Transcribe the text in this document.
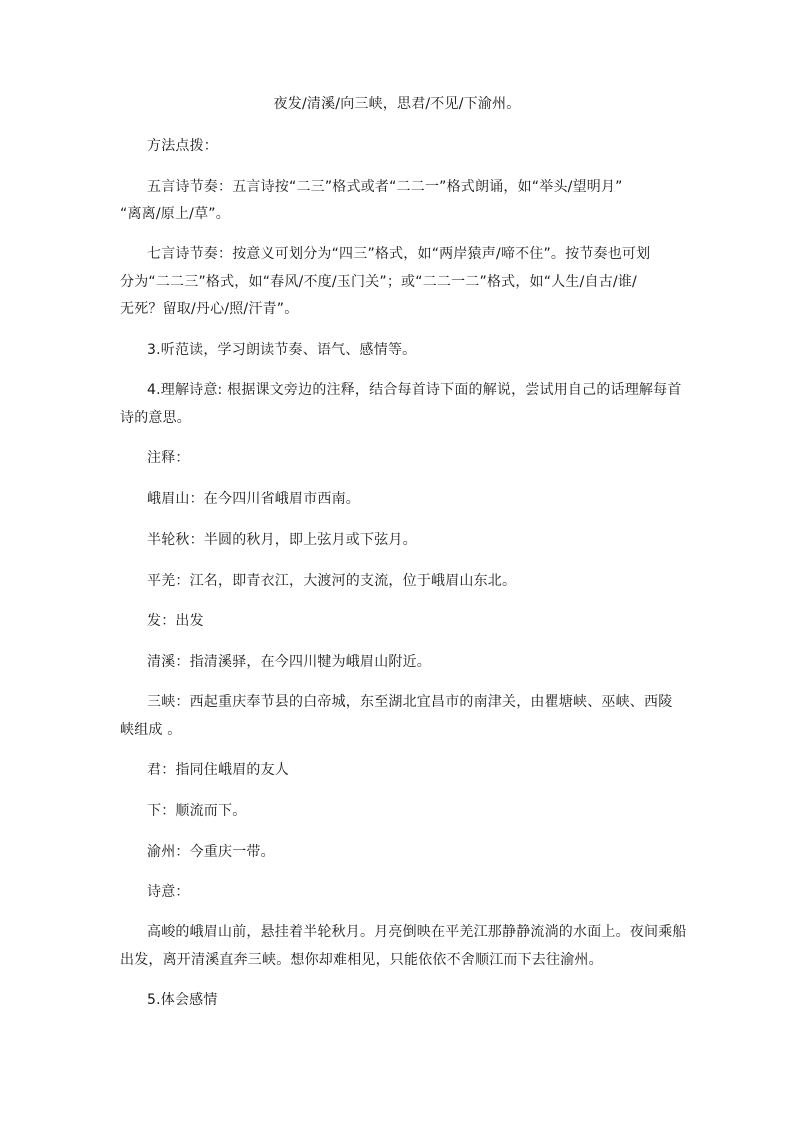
夜发/清溪/向三峡，思君/不见/下渝州。
方法点拨：
五言诗节奏：五言诗按“二三”格式或者“二二一”格式朗诵，如“举头/望明月”
“离离/原上/草”。
七言诗节奏：按意义可划分为“四三”格式，如“两岸猿声/啼不住”。按节奏也可划
分为“二二三”格式，如“春风/不度/玉门关”；或“二二一二”格式，如“人生/自古/谁/
无死？留取/丹心/照/汗青”。
3.听范读，学习朗读节奏、语气、感情等。
4.理解诗意: 根据课文旁边的注释，结合每首诗下面的解说，尝试用自己的话理解每首
诗的意思。
注释：
峨眉山：在今四川省峨眉市西南。
半轮秋：半圆的秋月，即上弦月或下弦月。
平羌：江名，即青衣江，大渡河的支流，位于峨眉山东北。
发：出发
清溪：指清溪驿，在今四川犍为峨眉山附近。
三峡：西起重庆奉节县的白帝城，东至湖北宜昌市的南津关，由瞿塘峡、巫峡、西陵
峡组成 。
君：指同住峨眉的友人
下：顺流而下。
渝州：今重庆一带。
诗意：
高峻的峨眉山前，悬挂着半轮秋月。月亮倒映在平羌江那静静流淌的水面上。夜间乘船
出发，离开清溪直奔三峡。想你却难相见，只能依依不舍顺江而下去往渝州。
5.体会感情
